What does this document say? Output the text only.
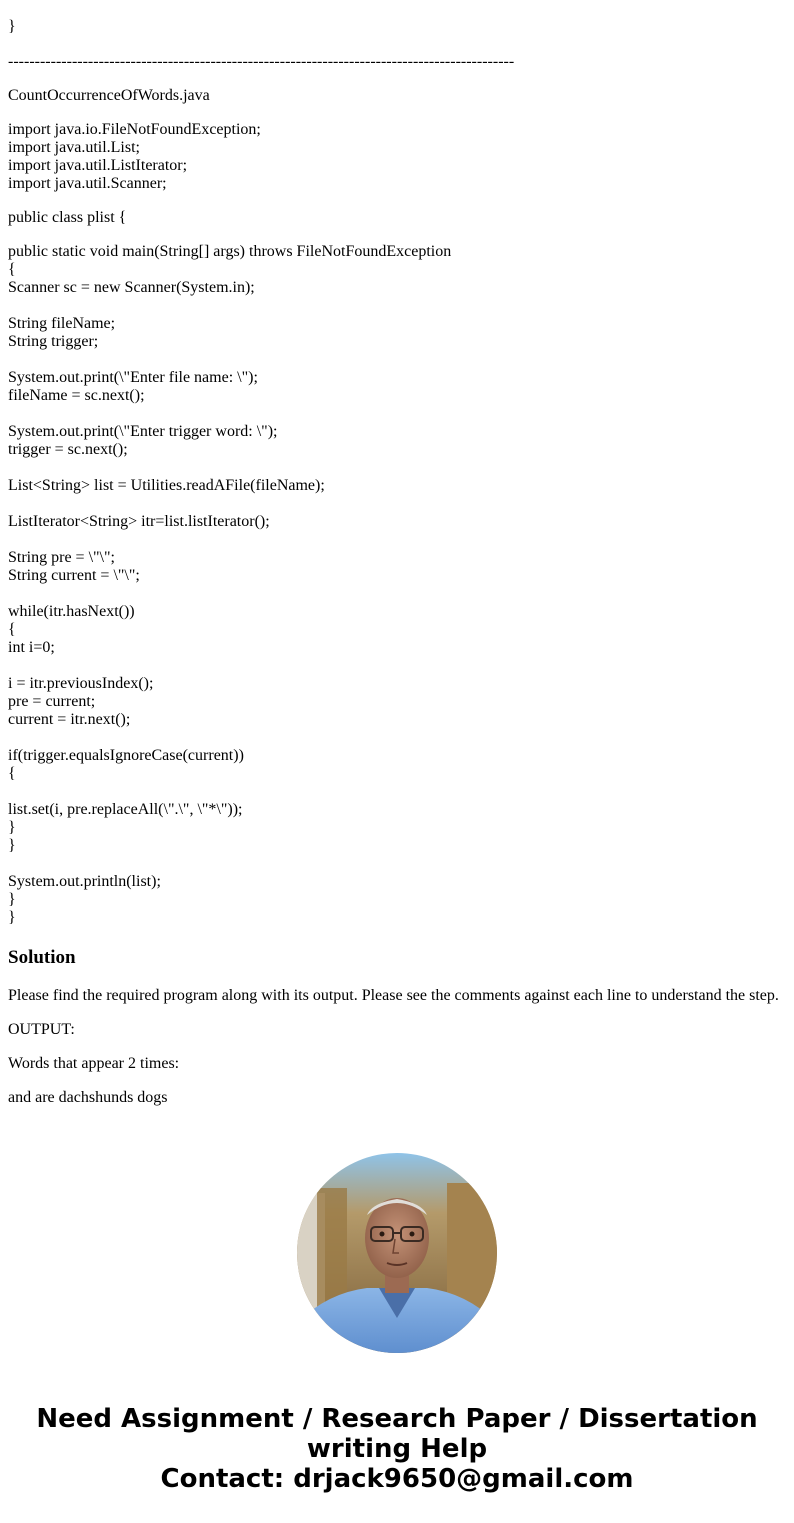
}
-----------------------------------------------------------------------------------------------
CountOccurrenceOfWords.java
import java.io.FileNotFoundException;
import java.util.List;
import java.util.ListIterator;
import java.util.Scanner;
public class plist {
public static void main(String[] args) throws FileNotFoundException
{
Scanner sc = new Scanner(System.in);
String fileName;
String trigger;
System.out.print(\"Enter file name: \");
fileName = sc.next();
System.out.print(\"Enter trigger word: \");
trigger = sc.next();
List<String> list = Utilities.readAFile(fileName);
ListIterator<String> itr=list.listIterator();
String pre = \"\";
String current = \"\";
while(itr.hasNext())
{
int i=0;
i = itr.previousIndex();
pre = current;
current = itr.next();
if(trigger.equalsIgnoreCase(current))
{
list.set(i, pre.replaceAll(\".\", \"*\"));
}
}
System.out.println(list);
}
}
Solution
Please find the required program along with its output. Please see the comments against each line to understand the step.
OUTPUT:
Words that appear 2 times:
and are dachshunds dogs
Need Assignment / Research Paper / Dissertation
writing Help
Contact: drjack9650@gmail.com
